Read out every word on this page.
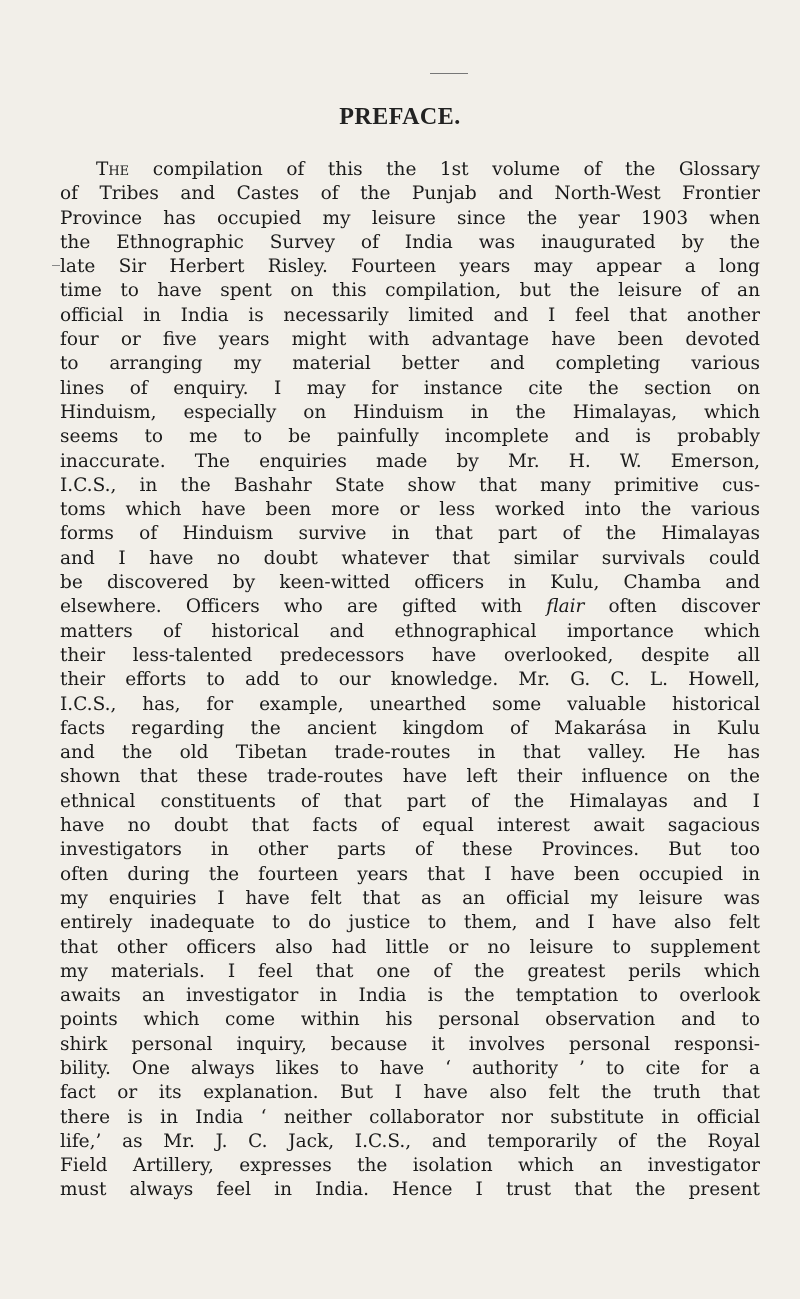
PREFACE.
The compilation of this the 1st volume of the Glossary
of Tribes and Castes of the Punjab and North-West Frontier
Province has occupied my leisure since the year 1903 when
the Ethnographic Survey of India was inaugurated by the
late Sir Herbert Risley. Fourteen years may appear a long
time to have spent on this compilation, but the leisure of an
official in India is necessarily limited and I feel that another
four or five years might with advantage have been devoted
to arranging my material better and completing various
lines of enquiry. I may for instance cite the section on
Hinduism, especially on Hinduism in the Himalayas, which
seems to me to be painfully incomplete and is probably
inaccurate. The enquiries made by Mr. H. W. Emerson,
I.C.S., in the Bashahr State show that many primitive cus-
toms which have been more or less worked into the various
forms of Hinduism survive in that part of the Himalayas
and I have no doubt whatever that similar survivals could
be discovered by keen-witted officers in Kulu, Chamba and
elsewhere. Officers who are gifted with flair often discover
matters of historical and ethnographical importance which
their less-talented predecessors have overlooked, despite all
their efforts to add to our knowledge. Mr. G. C. L. Howell,
I.C.S., has, for example, unearthed some valuable historical
facts regarding the ancient kingdom of Makarása in Kulu
and the old Tibetan trade-routes in that valley. He has
shown that these trade-routes have left their influence on the
ethnical constituents of that part of the Himalayas and I
have no doubt that facts of equal interest await sagacious
investigators in other parts of these Provinces. But too
often during the fourteen years that I have been occupied in
my enquiries I have felt that as an official my leisure was
entirely inadequate to do justice to them, and I have also felt
that other officers also had little or no leisure to supplement
my materials. I feel that one of the greatest perils which
awaits an investigator in India is the temptation to overlook
points which come within his personal observation and to
shirk personal inquiry, because it involves personal responsi-
bility. One always likes to have ‘ authority ’ to cite for a
fact or its explanation. But I have also felt the truth that
there is in India ‘ neither collaborator nor substitute in official
life,’ as Mr. J. C. Jack, I.C.S., and temporarily of the Royal
Field Artillery, expresses the isolation which an investigator
must always feel in India. Hence I trust that the present
